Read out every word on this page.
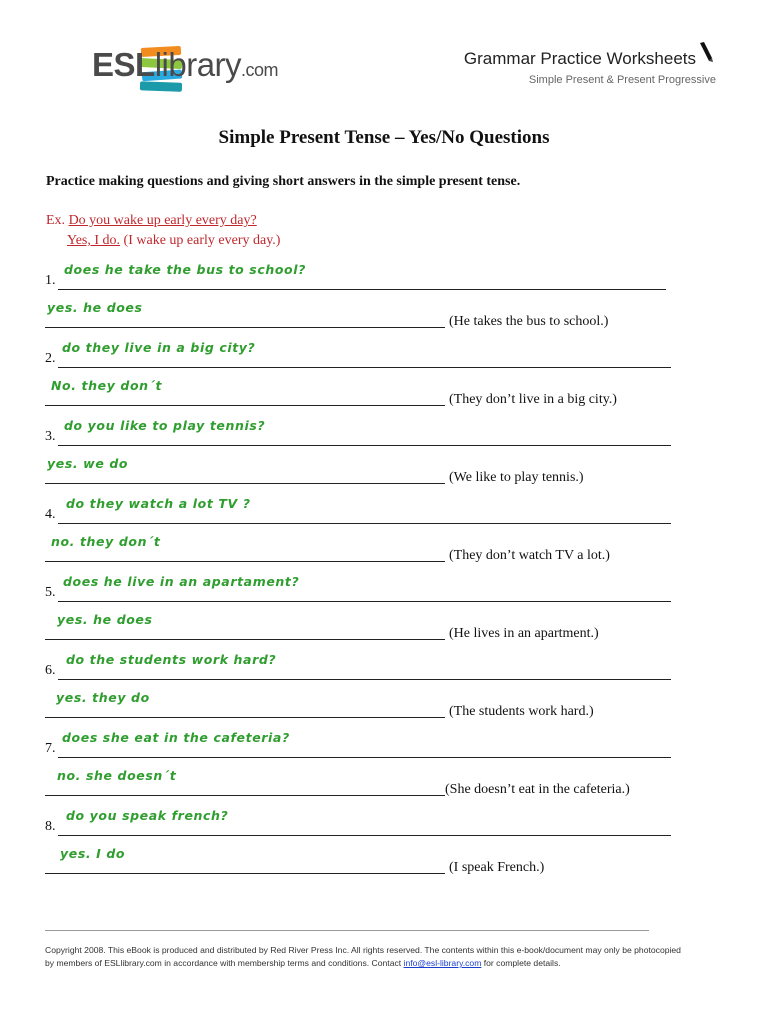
ESLlibrary.com
Grammar Practice Worksheets
Simple Present & Present Progressive
Simple Present Tense – Yes/No Questions
Practice making questions and giving short answers in the simple present tense.
Ex. Do you wake up early every day?
Yes, I do. (I wake up early every day.)
1.
does he take the bus to school?
yes. he does
(He takes the bus to school.)
2.
do they live in a big city?
No. they don´t
(They don’t live in a big city.)
3.
do you like to play tennis?
yes. we do
(We like to play tennis.)
4.
do they watch a lot TV ?
no. they don´t
(They don’t watch TV a lot.)
5.
does he live in an apartament?
yes. he does
(He lives in an apartment.)
6.
do the students work hard?
yes. they do
(The students work hard.)
7.
does she eat in the cafeteria?
no. she doesn´t
(She doesn’t eat in the cafeteria.)
8.
do you speak french?
yes. I do
(I speak French.)
Copyright 2008. This eBook is produced and distributed by Red River Press Inc. All rights reserved. The contents within this e-book/document may only be photocopied by members of ESLlibrary.com in accordance with membership terms and conditions. Contact info@esl-library.com for complete details.
